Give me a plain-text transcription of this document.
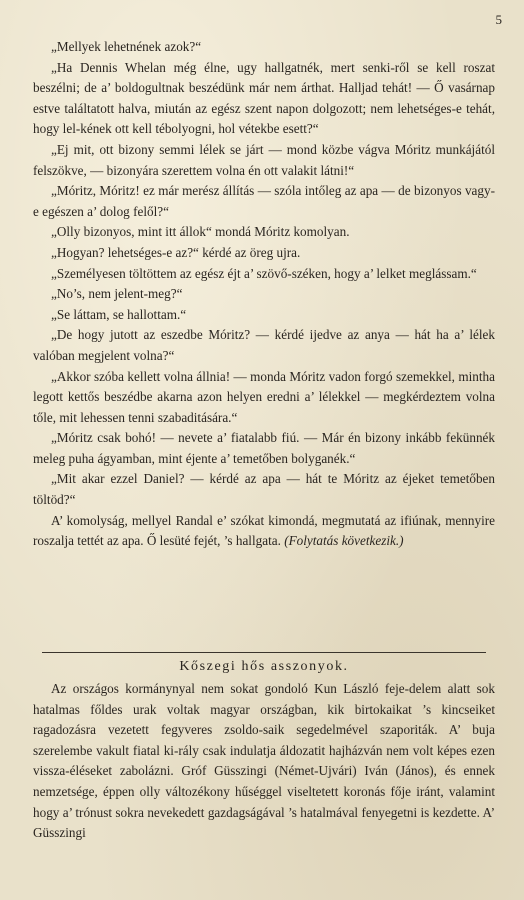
5

„Mellyek lehetnének azok?“

„Ha Dennis Whelan még élne, ugy hallgatnék, mert senki-ről se kell roszat beszélni; de a’ boldogultnak beszédünk már nem árthat. Halljad tehát! — Ő vasárnap estve találtatott halva, miután az egész szent napon dolgozott; nem lehetséges-e tehát, hogy lel-kének ott kell tébolyogni, hol vétekbe esett?“

„Ej mit, ott bizony semmi lélek se járt — mond közbe vágva Móritz munkájától felszökve, — bizonyára szerettem volna én ott valakit látni!“

„Móritz, Móritz! ez már merész állítás — szóla intőleg az apa — de bizonyos vagy-e egészen a’ dolog felől?“

„Olly bizonyos, mint itt állok“ mondá Móritz komolyan.

„Hogyan? lehetséges-e az?“ kérdé az öreg ujra.

„Személyesen töltöttem az egész éjt a’ szövő-széken, hogy a’ lelket meglássam.“

„No’s, nem jelent-meg?“

„Se láttam, se hallottam.“

„De hogy jutott az eszedbe Móritz? — kérdé ijedve az anya — hát ha a’ lélek valóban megjelent volna?“

„Akkor szóba kellett volna állnia! — monda Móritz vadon forgó szemekkel, mintha legott kettős beszédbe akarna azon helyen eredni a’ lélekkel — megkérdeztem volna tőle, mit lehessen tenni szabaditására.“

„Móritz csak bohó! — nevete a’ fiatalabb fiú. — Már én bizony inkább fekünnék meleg puha ágyamban, mint éjente a’ temetőben bolyganék.“

„Mit akar ezzel Daniel? — kérdé az apa — hát te Móritz az éjeket temetőben töltöd?“

A’ komolyság, mellyel Randal e’ szókat kimondá, megmutatá az ifiúnak, mennyire roszalja tettét az apa. Ő lesüté fejét, ’s hallgata. (Folytatás következik.)

Kőszegi hős asszonyok.

Az országos kormánynyal nem sokat gondoló Kun László feje-delem alatt sok hatalmas főldes urak voltak magyar országban, kik birtokaikat ’s kincseiket ragadozásra vezetett fegyveres zsoldo-saik segedelmével szaporiták. A’ buja szerelembe vakult fiatal ki-rály csak indulatja áldozatit hajházván nem volt képes ezen vissza-éléseket zabolázni. Gróf Güsszingi (Német-Ujvári) Iván (János), és ennek nemzetsége, éppen olly változékony hűséggel viseltetett koronás fője iránt, valamint hogy a’ trónust sokra nevekedett gazdagságával ’s hatalmával fenyegetni is kezdette. A’ Güsszingi
